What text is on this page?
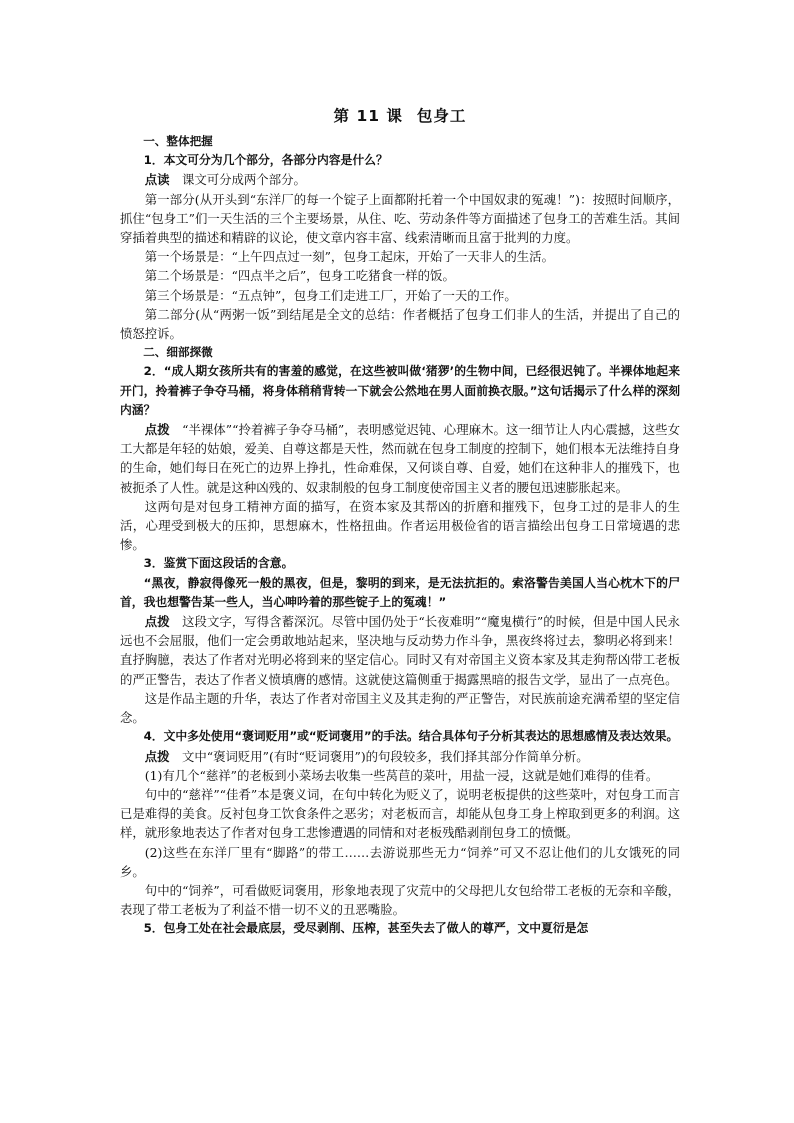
第 11 课 包身工

一、整体把握

1．本文可分为几个部分，各部分内容是什么？

点读 课文可分成两个部分。

第一部分(从开头到“东洋厂的每一个锭子上面都附托着一个中国奴隶的冤魂！”)：按照时间顺序，抓住“包身工”们一天生活的三个主要场景，从住、吃、劳动条件等方面描述了包身工的苦难生活。其间穿插着典型的描述和精辟的议论，使文章内容丰富、线索清晰而且富于批判的力度。

第一个场景是：“上午四点过一刻”，包身工起床，开始了一天非人的生活。

第二个场景是：“四点半之后”，包身工吃猪食一样的饭。

第三个场景是：“五点钟”，包身工们走进工厂，开始了一天的工作。

第二部分(从“两粥一饭”到结尾是全文的总结：作者概括了包身工们非人的生活，并提出了自己的愤怒控诉。

二、细部探微

2．“成人期女孩所共有的害羞的感觉，在这些被叫做‘猪猡’的生物中间，已经很迟钝了。半裸体地起来开门，拎着裤子争夺马桶，将身体稍稍背转一下就会公然地在男人面前换衣服。”这句话揭示了什么样的深刻内涵？

点拨 “半裸体”“拎着裤子争夺马桶”，表明感觉迟钝、心理麻木。这一细节让人内心震撼，这些女工大都是年轻的姑娘，爱美、自尊这都是天性，然而就在包身工制度的控制下，她们根本无法维持自身的生命，她们每日在死亡的边界上挣扎，性命难保，又何谈自尊、自爱，她们在这种非人的摧残下，也被扼杀了人性。就是这种凶残的、奴隶制般的包身工制度使帝国主义者的腰包迅速膨胀起来。

这两句是对包身工精神方面的描写，在资本家及其帮凶的折磨和摧残下，包身工过的是非人的生活，心理受到极大的压抑，思想麻木，性格扭曲。作者运用极俭省的语言描绘出包身工日常境遇的悲惨。

3．鉴赏下面这段话的含意。

“黑夜，静寂得像死一般的黑夜，但是，黎明的到来，是无法抗拒的。索洛警告美国人当心枕木下的尸首，我也想警告某一些人，当心呻吟着的那些锭子上的冤魂！”

点拨 这段文字，写得含蓄深沉。尽管中国仍处于“长夜难明”“魔鬼横行”的时候，但是中国人民永远也不会屈服，他们一定会勇敢地站起来，坚决地与反动势力作斗争，黑夜终将过去，黎明必将到来！直抒胸臆，表达了作者对光明必将到来的坚定信心。同时又有对帝国主义资本家及其走狗帮凶带工老板的严正警告，表达了作者义愤填膺的感情。这就使这篇侧重于揭露黑暗的报告文学，显出了一点亮色。

这是作品主题的升华，表达了作者对帝国主义及其走狗的严正警告，对民族前途充满希望的坚定信念。

4．文中多处使用“褒词贬用”或“贬词褒用”的手法。结合具体句子分析其表达的思想感情及表达效果。

点拨 文中“褒词贬用”(有时“贬词褒用”)的句段较多，我们择其部分作简单分析。

(1)有几个“慈祥”的老板到小菜场去收集一些莴苣的菜叶，用盐一浸，这就是她们难得的佳肴。

句中的“慈祥”“佳肴”本是褒义词，在句中转化为贬义了，说明老板提供的这些菜叶，对包身工而言已是难得的美食。反衬包身工饮食条件之恶劣；对老板而言，却能从包身工身上榨取到更多的利润。这样，就形象地表达了作者对包身工悲惨遭遇的同情和对老板残酷剥削包身工的愤慨。

(2)这些在东洋厂里有“脚路”的带工……去游说那些无力“饲养”可又不忍让他们的儿女饿死的同乡。

句中的“饲养”，可看做贬词褒用，形象地表现了灾荒中的父母把儿女包给带工老板的无奈和辛酸，表现了带工老板为了利益不惜一切不义的丑恶嘴脸。

5．包身工处在社会最底层，受尽剥削、压榨，甚至失去了做人的尊严，文中夏衍是怎
